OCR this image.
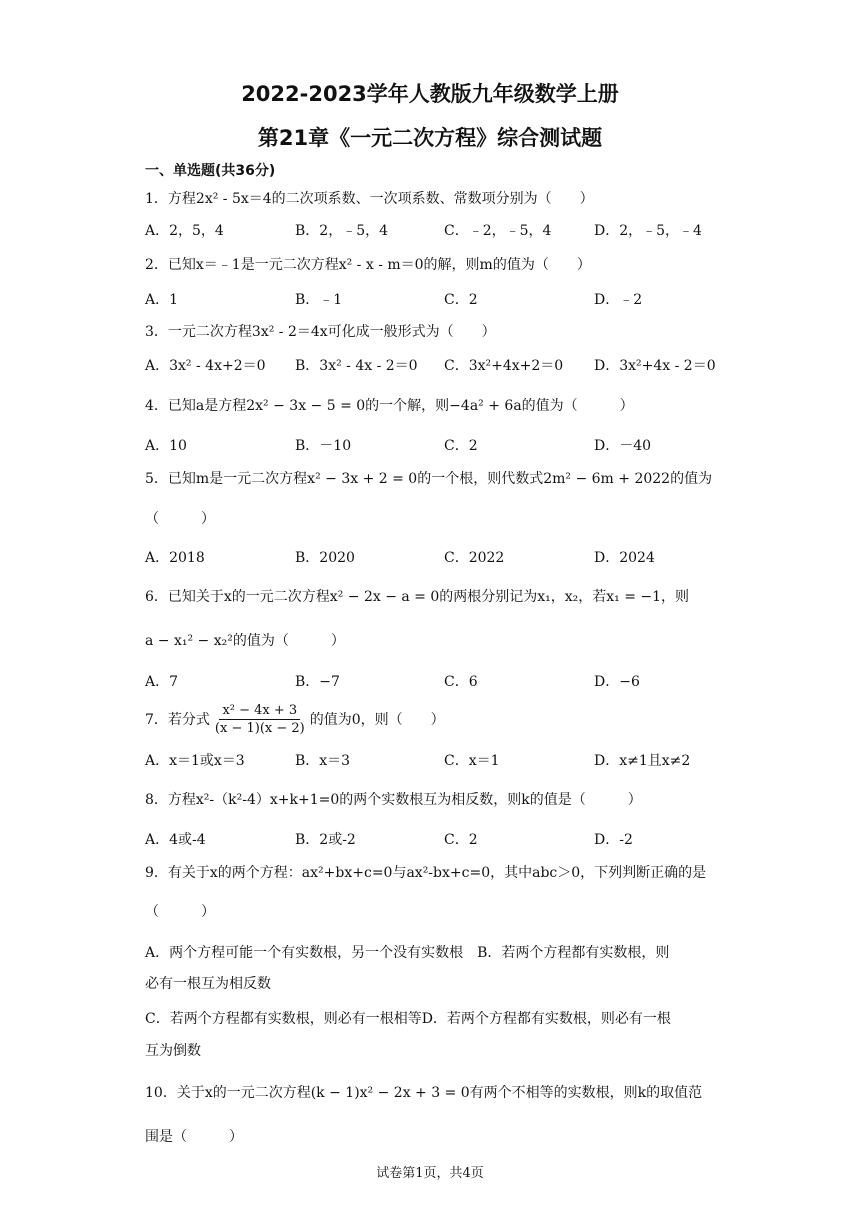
2022-2023学年人教版九年级数学上册
第21章《一元二次方程》综合测试题
一、单选题(共36分)
1．方程2x² - 5x＝4的二次项系数、一次项系数、常数项分别为（　　）
A．2，5，4	B．2，﹣5，4	C．﹣2，﹣5，4	D．2，﹣5，﹣4
2．已知x＝﹣1是一元二次方程x² - x - m＝0的解，则m的值为（　　）
A．1	B．﹣1	C．2	D．﹣2
3．一元二次方程3x² - 2＝4x可化成一般形式为（　　）
A．3x² - 4x+2＝0 B．3x² - 4x - 2＝0 C．3x²+4x+2＝0 D．3x²+4x - 2＝0
4．已知a是方程2x² − 3x − 5 = 0的一个解，则−4a² + 6a的值为（　　　）
A．10	B．－10	C．2	D．－40
5．已知m是一元二次方程x² − 3x + 2 = 0的一个根，则代数式2m² − 6m + 2022的值为
（　　　）
A．2018	B．2020	C．2022	D．2024
6．已知关于x的一元二次方程x² − 2x − a = 0的两根分别记为x₁，x₂，若x₁ = −1，则
a − x₁² − x₂²的值为（　　　）
A．7	B．−7	C．6	D．−6
7．若分式 $\frac{\text{x² − 4x + 3}}{(x - 1)(x - 2)}$ 的值为0，则（　　）
A．x＝1或x＝3	B．x＝3	C．x＝1	D．x≠1且x≠2
8．方程x²-（k²-4）x+k+1=0的两个实数根互为相反数，则k的值是（　　　）
A．4或-4	B．2或-2	C．2	D．-2
9．有关于x的两个方程：ax²+bx+c=0与ax²-bx+c=0，其中abc＞0，下列判断正确的是
（　　　）
A．两个方程可能一个有实数根，另一个没有实数根　B．若两个方程都有实数根，则
必有一根互为相反数
C．若两个方程都有实数根，则必有一根相等D．若两个方程都有实数根，则必有一根
互为倒数
10．关于x的一元二次方程(k − 1)x² − 2x + 3 = 0有两个不相等的实数根，则k的取值范
围是（　　　）
试卷第1页，共4页
